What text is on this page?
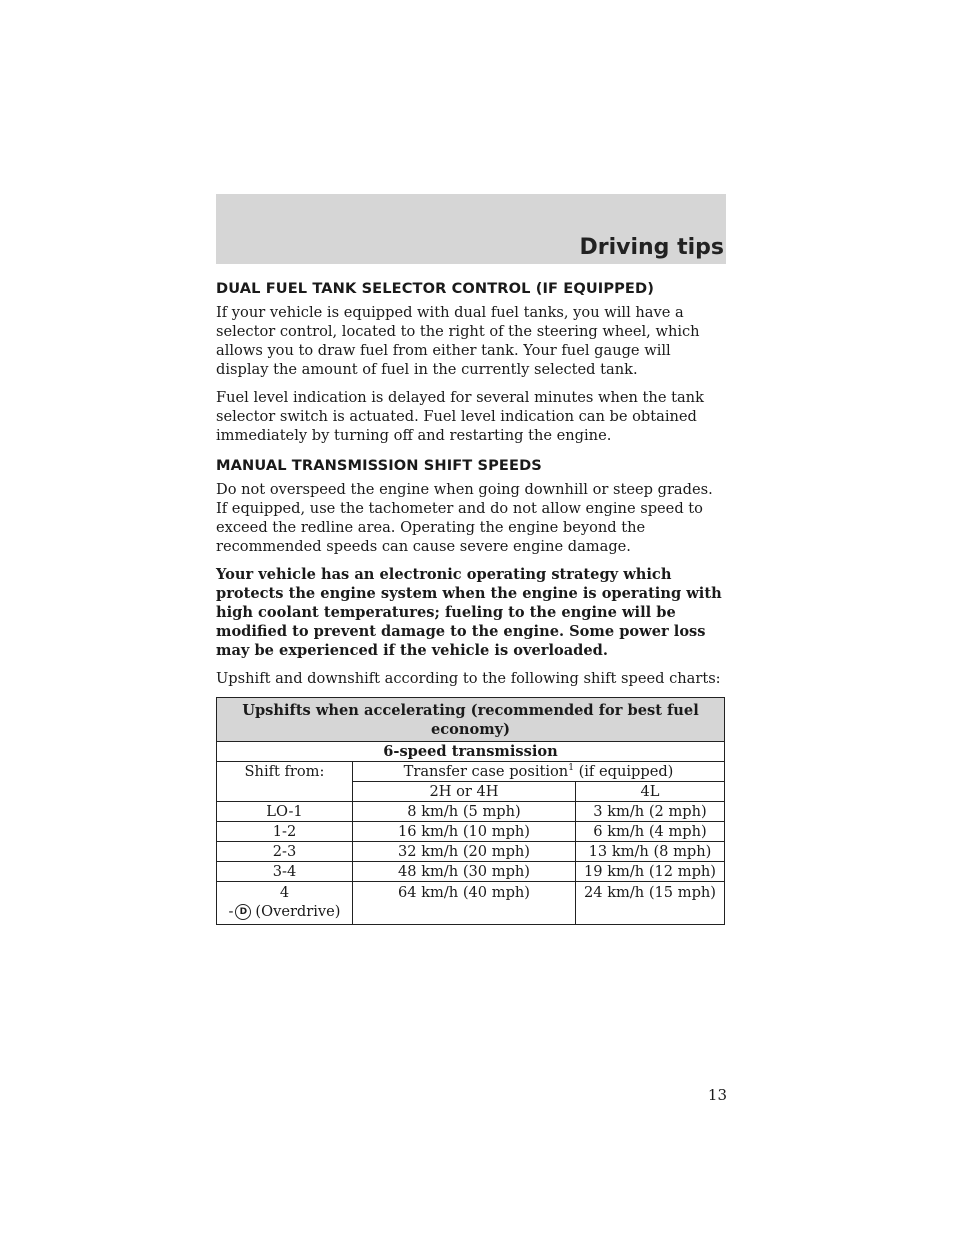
Driving tips
DUAL FUEL TANK SELECTOR CONTROL (IF EQUIPPED)

If your vehicle is equipped with dual fuel tanks, you will have a selector control, located to the right of the steering wheel, which allows you to draw fuel from either tank. Your fuel gauge will display the amount of fuel in the currently selected tank.

Fuel level indication is delayed for several minutes when the tank selector switch is actuated. Fuel level indication can be obtained immediately by turning off and restarting the engine.

MANUAL TRANSMISSION SHIFT SPEEDS

Do not overspeed the engine when going downhill or steep grades. If equipped, use the tachometer and do not allow engine speed to exceed the redline area. Operating the engine beyond the recommended speeds can cause severe engine damage.

Your vehicle has an electronic operating strategy which protects the engine system when the engine is operating with high coolant temperatures; fueling to the engine will be modified to prevent damage to the engine. Some power loss may be experienced if the vehicle is overloaded.

Upshift and downshift according to the following shift speed charts:

Upshifts when accelerating (recommended for best fuel economy)		
6-speed transmission		
Shift from:	Transfer case position$^1$ (if equipped)	
	2H or 4H	4L
LO-1	8 km/h (5 mph)	3 km/h (2 mph)
1-2	16 km/h (10 mph)	6 km/h (4 mph)
2-3	32 km/h (20 mph)	13 km/h (8 mph)
3-4	48 km/h (30 mph)	19 km/h (12 mph)

4
- D (Overdrive)	64 km/h (40 mph)	24 km/h (15 mph)
13
